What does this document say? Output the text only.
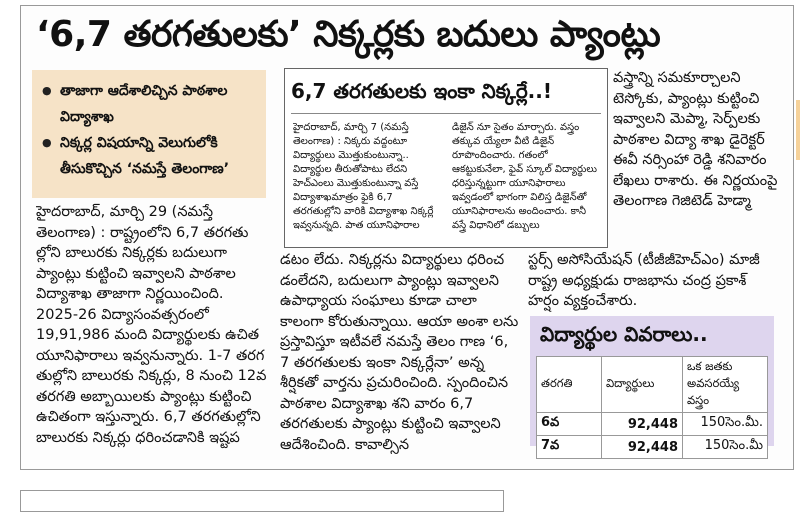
‘6,7 తరగతులకు’ నిక్కర్లకు బదులు ప్యాంట్లు
● తాజాగా ఆదేశాలిచ్చిన పాఠశాల విద్యాశాఖ
● నిక్కర్ల విషయాన్ని వెలుగులోకి తీసుకొచ్చిన ‘నమస్తే తెలంగాణ’
6,7 తరగతులకు ఇంకా నిక్కర్లే..!
హైదరాబాద్, మార్చి 7 (నమస్తే తెలంగాణ) : నిక్కరు వద్దంటూ విద్యార్థులు మొత్తుకుంటున్నా.. విద్యార్థుల తీరుతోపాటు లేదని హెచ్ఎంలు మొత్తుకుంటున్నా వస్తే విద్యాశాఖమాత్రం ఫైకి 6,7 తరగతుల్లోని వారికి విద్యాశాఖ నిక్కర్లే ఇవ్వనున్నది. పాత యూనిఫారాల డిజైన్ నూ సైతం మార్చారు. వస్త్రం తక్కువ య్యేలా వీటి డిజైన్ రూపొందించారు. గతంలో ఆకట్టుకునేలా, ఫైవ్ స్కూల్ విద్యార్థులు ధరిస్తున్నట్టుగా యూనిఫారాలు ఇవ్వడంలో భాగంగా విలిస్త డిజైన్‌తో యూనిఫారాలను అందించారు. కానీ వస్త్రే విధానిలో డబ్బులు
హైదరాబాద్, మార్చి 29 (నమస్తే తెలంగాణ) : రాష్ట్రంలోని 6,7 తరగతు ల్లోని బాలురకు నిక్కర్లకు బదులుగా ప్యాంట్లు కుట్టించి ఇవ్వాలని పాఠశాల విద్యాశాఖ తాజాగా నిర్ణయించింది. 2025-26 విద్యాసంవత్సరంలో 19,91,986 మంది విద్యార్థులకు ఉచిత యూనిఫారాలు ఇవ్వనున్నారు. 1-7 తరగ తుల్లోని బాలురకు నిక్కర్లు, 8 నుంచి 12వ తరగతి అబ్బాయిలకు ప్యాంట్లు కుట్టించి ఉచితంగా ఇస్తున్నారు. 6,7 తరగతుల్లోని బాలురకు నిక్కర్లు ధరించడానికి ఇష్టప
డటం లేదు. నిక్కర్లను విద్యార్థులు ధరించ డంలేదని, బదులుగా ప్యాంట్లు ఇవ్వాలని ఉపాధ్యాయ సంఘాలు కూడా చాలా కాలంగా కోరుతున్నాయి. ఆయా అంశా లను ప్రస్తావిస్తూ ఇటీవలే నమస్తే తెలం గాణ ‘6, 7 తరగతులకు ఇంకా నిక్కర్లేనా’ అన్న శీర్షికతో వార్తను ప్రచురించింది. స్పందించిన పాఠశాల విద్యాశాఖ శని వారం 6,7 తరగతులకు ప్యాంట్లు కుట్టించి ఇవ్వాలని ఆదేశించింది. కావాల్సిన
వస్త్రాన్ని సమకూర్చాలని టెస్కోకు, ప్యాంట్లు కుట్టించి ఇవ్వాలని మెప్మా, సెర్ప్‌లకు పాఠశాల విద్యా శాఖ డైరెక్టర్ ఈవీ నర్సింహా రెడ్డి శనివారం లేఖలు రాశారు. ఈ నిర్ణయంపై తెలంగాణ గెజిటెడ్ హెడ్మా
స్టర్స్ అసోసియేషన్ (టీజీజీహెచ్ఎం) మాజీ రాష్ట్ర అధ్యక్షుడు రాజభాను చంద్ర ప్రకాశ్ హర్షం వ్యక్తంచేశారు.
విద్యార్థుల వివరాలు..
తరగతి	విద్యార్థులు	ఒక జతకు అవసరయ్యే వస్త్రం
6వ	92,448	150సెం.మీ.
7వ	92,448	150సెం.మీ
